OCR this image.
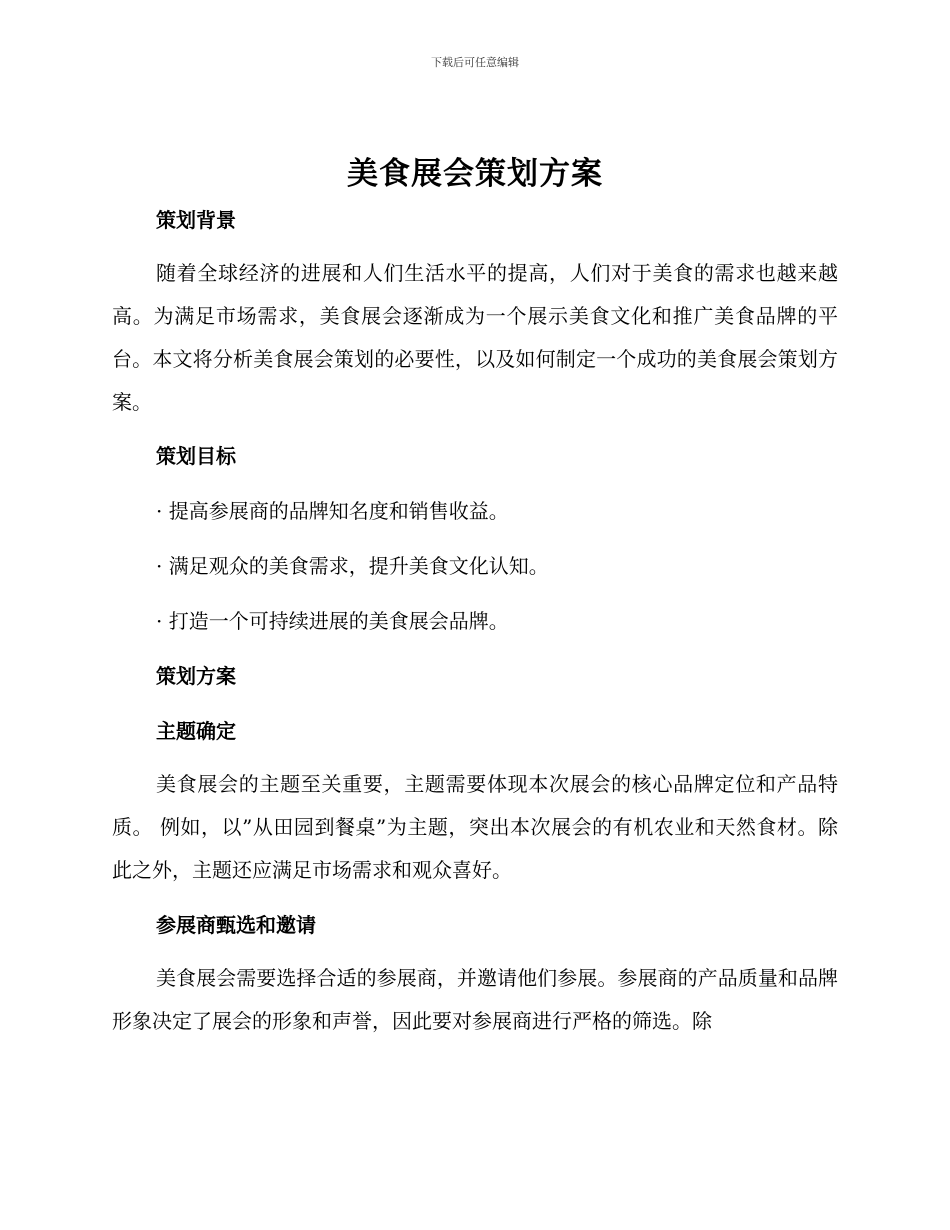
下载后可任意编辑
美食展会策划方案
策划背景
随着全球经济的进展和人们生活水平的提高，人们对于美食的需求也越来越高。为满足市场需求，美食展会逐渐成为一个展示美食文化和推广美食品牌的平台。本文将分析美食展会策划的必要性，以及如何制定一个成功的美食展会策划方案。
策划目标
· 提高参展商的品牌知名度和销售收益。
· 满足观众的美食需求，提升美食文化认知。
· 打造一个可持续进展的美食展会品牌。
策划方案
主题确定
美食展会的主题至关重要，主题需要体现本次展会的核心品牌定位和产品特质。 例如，以”从田园到餐桌”为主题，突出本次展会的有机农业和天然食材。除此之外，主题还应满足市场需求和观众喜好。
参展商甄选和邀请
美食展会需要选择合适的参展商，并邀请他们参展。参展商的产品质量和品牌形象决定了展会的形象和声誉，因此要对参展商进行严格的筛选。除
